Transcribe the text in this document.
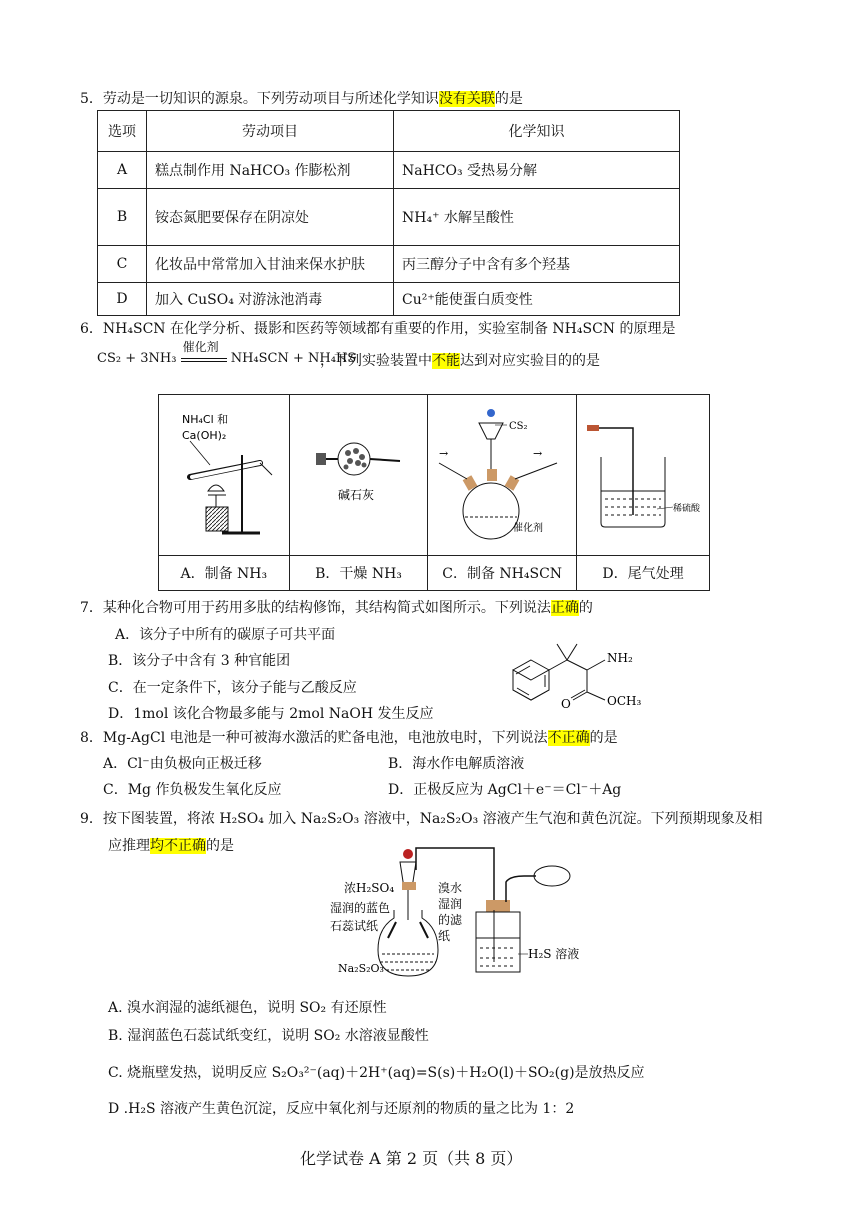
5．劳动是一切知识的源泉。下列劳动项目与所述化学知识没有关联的是
选项	劳动项目	化学知识
A	糕点制作用 NaHCO₃ 作膨松剂	NaHCO₃ 受热易分解
B	铵态氮肥要保存在阴凉处	NH₄⁺ 水解呈酸性
C	化妆品中常常加入甘油来保水护肤	丙三醇分子中含有多个羟基
D	加入 CuSO₄ 对游泳池消毒	Cu²⁺能使蛋白质变性
6．NH₄SCN 在化学分析、摄影和医药等领域都有重要的作用，实验室制备 NH₄SCN 的原理是
CS₂ + 3NH₃
催化剂
NH₄SCN + NH₄HS
，下列实验装置中不能达到对应实验目的的是
NH₄Cl 和
Ca(OH)₂	碱石灰	CS₂
→ →
催化剂	稀硫酸

A．制备 NH₃	B．干燥 NH₃	C．制备 NH₄SCN	D．尾气处理
7．某种化合物可用于药用多肽的结构修饰，其结构简式如图所示。下列说法正确的
A．该分子中所有的碳原子可共平面
B．该分子中含有 3 种官能团
C．在一定条件下，该分子能与乙酸反应
D．1mol 该化合物最多能与 2mol NaOH 发生反应
NH₂
O	OCH₃
8．Mg-AgCl 电池是一种可被海水激活的贮备电池，电池放电时，下列说法不正确的是
A．Cl⁻由负极向正极迁移	B．海水作电解质溶液
C．Mg 作负极发生氧化反应	D．正极反应为 AgCl＋e⁻＝Cl⁻＋Ag
9．按下图装置，将浓 H₂SO₄ 加入 Na₂S₂O₃ 溶液中，Na₂S₂O₃ 溶液产生气泡和黄色沉淀。下列预期现象及相
应推理均不正确的是
浓H₂SO₄
湿润的蓝色
石蕊试纸
Na₂S₂O₃
溴水
湿润
的滤
纸
H₂S 溶液
A. 溴水润湿的滤纸褪色，说明 SO₂ 有还原性
B. 湿润蓝色石蕊试纸变红，说明 SO₂ 水溶液显酸性
C. 烧瓶壁发热，说明反应 S₂O₃²⁻(aq)＋2H⁺(aq)=S(s)＋H₂O(l)＋SO₂(g)是放热反应
D .H₂S 溶液产生黄色沉淀，反应中氧化剂与还原剂的物质的量之比为 1：2
化学试卷 A 第 2 页（共 8 页）
